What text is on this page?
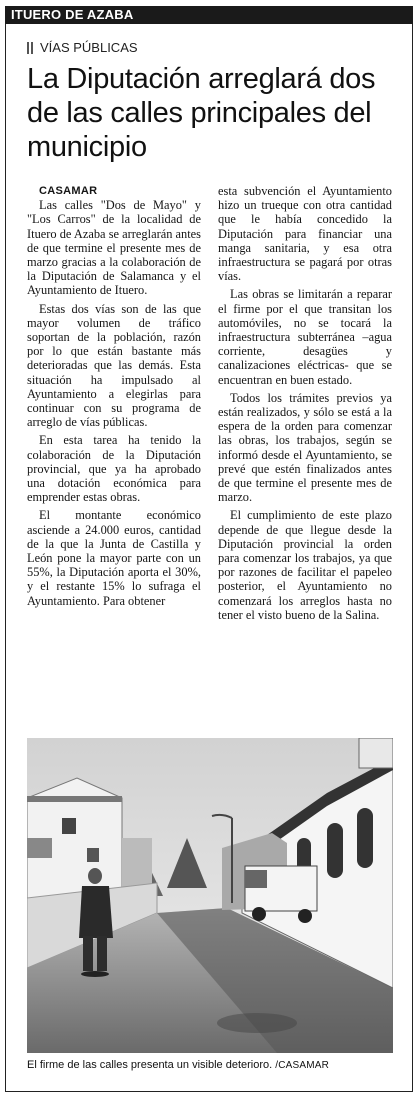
ITUERO DE AZABA
VÍAS PÚBLICAS
La Diputación arreglará dos de las calles principales del municipio

CASAMAR

Las calles "Dos de Mayo" y "Los Carros" de la localidad de Ituero de Azaba se arreglarán antes de que termine el presente mes de marzo gracias a la colaboración de la Diputación de Salamanca y el Ayuntamiento de Ituero.

Estas dos vías son de las que mayor volumen de tráfico soportan de la población, razón por lo que están bastante más deterioradas que las demás. Esta situación ha impulsado al Ayuntamiento a elegirlas para continuar con su programa de arreglo de vías públicas.

En esta tarea ha tenido la colaboración de la Diputación provincial, que ya ha aprobado una dotación económica para emprender estas obras.

El montante económico asciende a 24.000 euros, cantidad de la que la Junta de Castilla y León pone la mayor parte con un 55%, la Diputación aporta el 30%, y el restante 15% lo sufraga el Ayuntamiento. Para obtener

esta subvención el Ayuntamiento hizo un trueque con otra cantidad que le había concedido la Diputación para financiar una manga sanitaria, y esa otra infraestructura se pagará por otras vías.

Las obras se limitarán a reparar el firme por el que transitan los automóviles, no se tocará la infraestructura subterránea –agua corriente, desagües y canalizaciones eléctricas- que se encuentran en buen estado.

Todos los trámites previos ya están realizados, y sólo se está a la espera de la orden para comenzar las obras, los trabajos, según se informó desde el Ayuntamiento, se prevé que estén finalizados antes de que termine el presente mes de marzo.

El cumplimiento de este plazo depende de que llegue desde la Diputación provincial la orden para comenzar los trabajos, ya que por razones de facilitar el papeleo posterior, el Ayuntamiento no comenzará los arreglos hasta no tener el visto bueno de la Salina.

El firme de las calles presenta un visible deterioro. /CASAMAR
